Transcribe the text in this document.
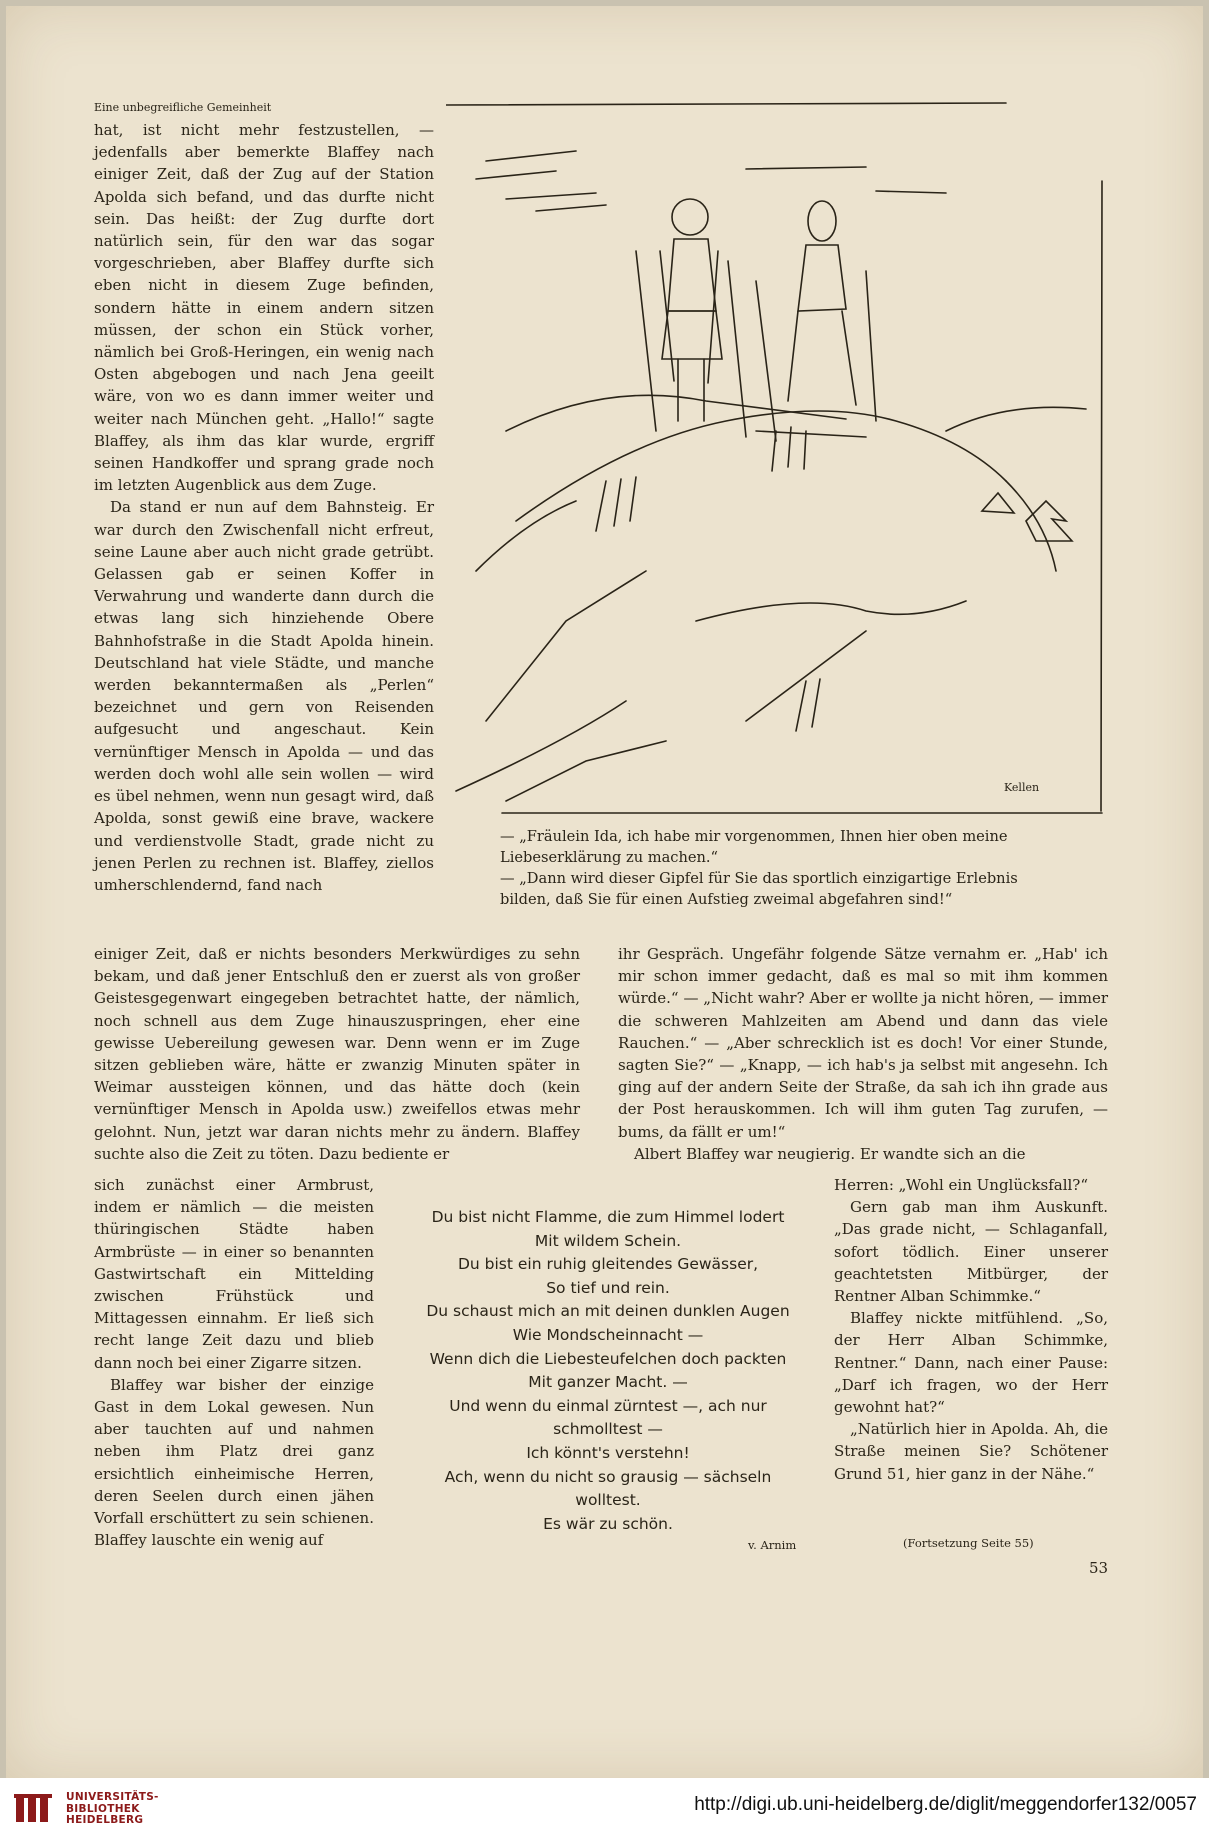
Eine unbegreifliche Gemeinheit
hat, ist nicht mehr festzustellen, — jedenfalls aber bemerkte Blaffey nach einiger Zeit, daß der Zug auf der Station Apolda sich befand, und das durfte nicht sein. Das heißt: der Zug durfte dort natürlich sein, für den war das sogar vorgeschrieben, aber Blaffey durfte sich eben nicht in diesem Zuge befinden, sondern hätte in einem andern sitzen müssen, der schon ein Stück vorher, nämlich bei Groß-Heringen, ein wenig nach Osten abgebogen und nach Jena geeilt wäre, von wo es dann immer weiter und weiter nach München geht. „Hallo!“ sagte Blaffey, als ihm das klar wurde, ergriff seinen Handkoffer und sprang grade noch im letzten Augenblick aus dem Zuge.
Da stand er nun auf dem Bahnsteig. Er war durch den Zwischenfall nicht erfreut, seine Laune aber auch nicht grade getrübt. Gelassen gab er seinen Koffer in Verwahrung und wanderte dann durch die etwas lang sich hinziehende Obere Bahnhofstraße in die Stadt Apolda hinein. Deutschland hat viele Städte, und manche werden bekanntermaßen als „Perlen“ bezeichnet und gern von Reisenden aufgesucht und angeschaut. Kein vernünftiger Mensch in Apolda — und das werden doch wohl alle sein wollen — wird es übel nehmen, wenn nun gesagt wird, daß Apolda, sonst gewiß eine brave, wackere und verdienstvolle Stadt, grade nicht zu jenen Perlen zu rechnen ist. Blaffey, ziellos umherschlendernd, fand nach
Kellen
— „Fräulein Ida, ich habe mir vorgenommen, Ihnen hier oben meine Liebeserklärung zu machen.“
— „Dann wird dieser Gipfel für Sie das sportlich einzigartige Erlebnis bilden, daß Sie für einen Aufstieg zweimal abgefahren sind!“
einiger Zeit, daß er nichts besonders Merkwürdiges zu sehn bekam, und daß jener Entschluß den er zuerst als von großer Geistesgegenwart eingegeben betrachtet hatte, der nämlich, noch schnell aus dem Zuge hinauszuspringen, eher eine gewisse Uebereilung gewesen war. Denn wenn er im Zuge sitzen geblieben wäre, hätte er zwanzig Minuten später in Weimar aussteigen können, und das hätte doch (kein vernünftiger Mensch in Apolda usw.) zweifellos etwas mehr gelohnt. Nun, jetzt war daran nichts mehr zu ändern. Blaffey suchte also die Zeit zu töten. Dazu bediente er
sich zunächst einer Armbrust, indem er nämlich — die meisten thüringischen Städte haben Armbrüste — in einer so benannten Gastwirtschaft ein Mittelding zwischen Frühstück und Mittagessen einnahm. Er ließ sich recht lange Zeit dazu und blieb dann noch bei einer Zigarre sitzen.
Blaffey war bisher der einzige Gast in dem Lokal gewesen. Nun aber tauchten auf und nahmen neben ihm Platz drei ganz ersichtlich einheimische Herren, deren Seelen durch einen jähen Vorfall erschüttert zu sein schienen. Blaffey lauschte ein wenig auf
ihr Gespräch. Ungefähr folgende Sätze vernahm er. „Hab' ich mir schon immer gedacht, daß es mal so mit ihm kommen würde.“ — „Nicht wahr? Aber er wollte ja nicht hören, — immer die schweren Mahlzeiten am Abend und dann das viele Rauchen.“ — „Aber schrecklich ist es doch! Vor einer Stunde, sagten Sie?“ — „Knapp, — ich hab's ja selbst mit angesehn. Ich ging auf der andern Seite der Straße, da sah ich ihn grade aus der Post herauskommen. Ich will ihm guten Tag zurufen, — bums, da fällt er um!“
Albert Blaffey war neugierig. Er wandte sich an die
Herren: „Wohl ein Unglücksfall?“
Gern gab man ihm Auskunft. „Das grade nicht, — Schlaganfall, sofort tödlich. Einer unserer geachtetsten Mitbürger, der Rentner Alban Schimmke.“
Blaffey nickte mitfühlend. „So, der Herr Alban Schimmke, Rentner.“ Dann, nach einer Pause: „Darf ich fragen, wo der Herr gewohnt hat?“
„Natürlich hier in Apolda. Ah, die Straße meinen Sie? Schötener Grund 51, hier ganz in der Nähe.“
Du bist nicht Flamme, die zum Himmel lodert
Mit wildem Schein.
Du bist ein ruhig gleitendes Gewässer,
So tief und rein.
Du schaust mich an mit deinen dunklen Augen
Wie Mondscheinnacht —
Wenn dich die Liebesteufelchen doch packten
Mit ganzer Macht. —
Und wenn du einmal zürntest —, ach nur
schmolltest —
Ich könnt's verstehn!
Ach, wenn du nicht so grausig — sächseln
wolltest.
Es wär zu schön.
v. Arnim	(Fortsetzung Seite 55)
53
UNIVERSITÄTS-
BIBLIOTHEK
HEIDELBERG
http://digi.ub.uni-heidelberg.de/diglit/meggendorfer132/0057
